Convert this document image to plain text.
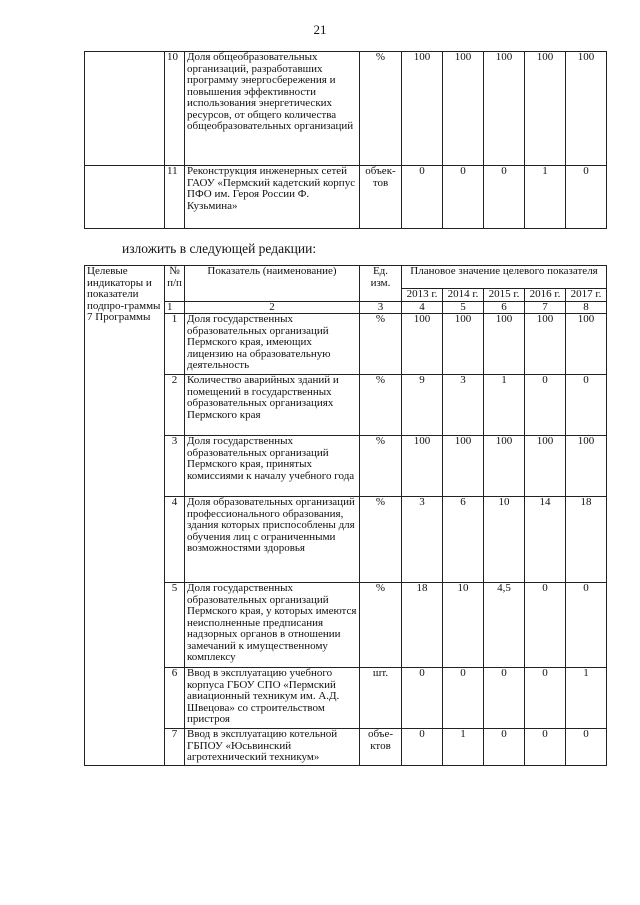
21
	10	Доля общеобразовательных организаций, разработавших программу энергосбережения и повышения эффективности использования энергетических ресурсов, от общего количества общеобразовательных организаций	%	100	100	100	100	100
	11	Реконструкция инженерных сетей ГАОУ «Пермский кадетский корпус ПФО им. Героя России Ф. Кузьмина»	объек-тов	0	0	0	1	0
изложить в следующей редакции:
Целевые индикаторы и показатели подпро-граммы 7 Программы	№ п/п	Показатель (наименование)	Ед. изм.	Плановое значение целевого показателя				
				2013 г.	2014 г.	2015 г.	2016 г.	2017 г.
	1	2	3	4	5	6	7	8
	1	Доля государственных образовательных организаций Пермского края, имеющих лицензию на образовательную деятельность	%	100	100	100	100	100
	2	Количество аварийных зданий и помещений в государственных образовательных организациях Пермского края	%	9	3	1	0	0
	3	Доля государственных образовательных организаций Пермского края, принятых комиссиями к началу учебного года	%	100	100	100	100	100
	4	Доля образовательных организаций профессионального образования, здания которых приспособлены для обучения лиц с ограниченными возможностями здоровья	%	3	6	10	14	18
	5	Доля государственных образовательных организаций Пермского края, у которых имеются неисполненные предписания надзорных органов в отношении замечаний к имущественному комплексу	%	18	10	4,5	0	0
	6	Ввод в эксплуатацию учебного корпуса ГБОУ СПО «Пермский авиационный техникум им. А.Д. Швецова» со строительством пристроя	шт.	0	0	0	0	1
	7	Ввод в эксплуатацию котельной ГБПОУ «Юсьвинский агротехнический техникум»	объе-ктов	0	1	0	0	0
